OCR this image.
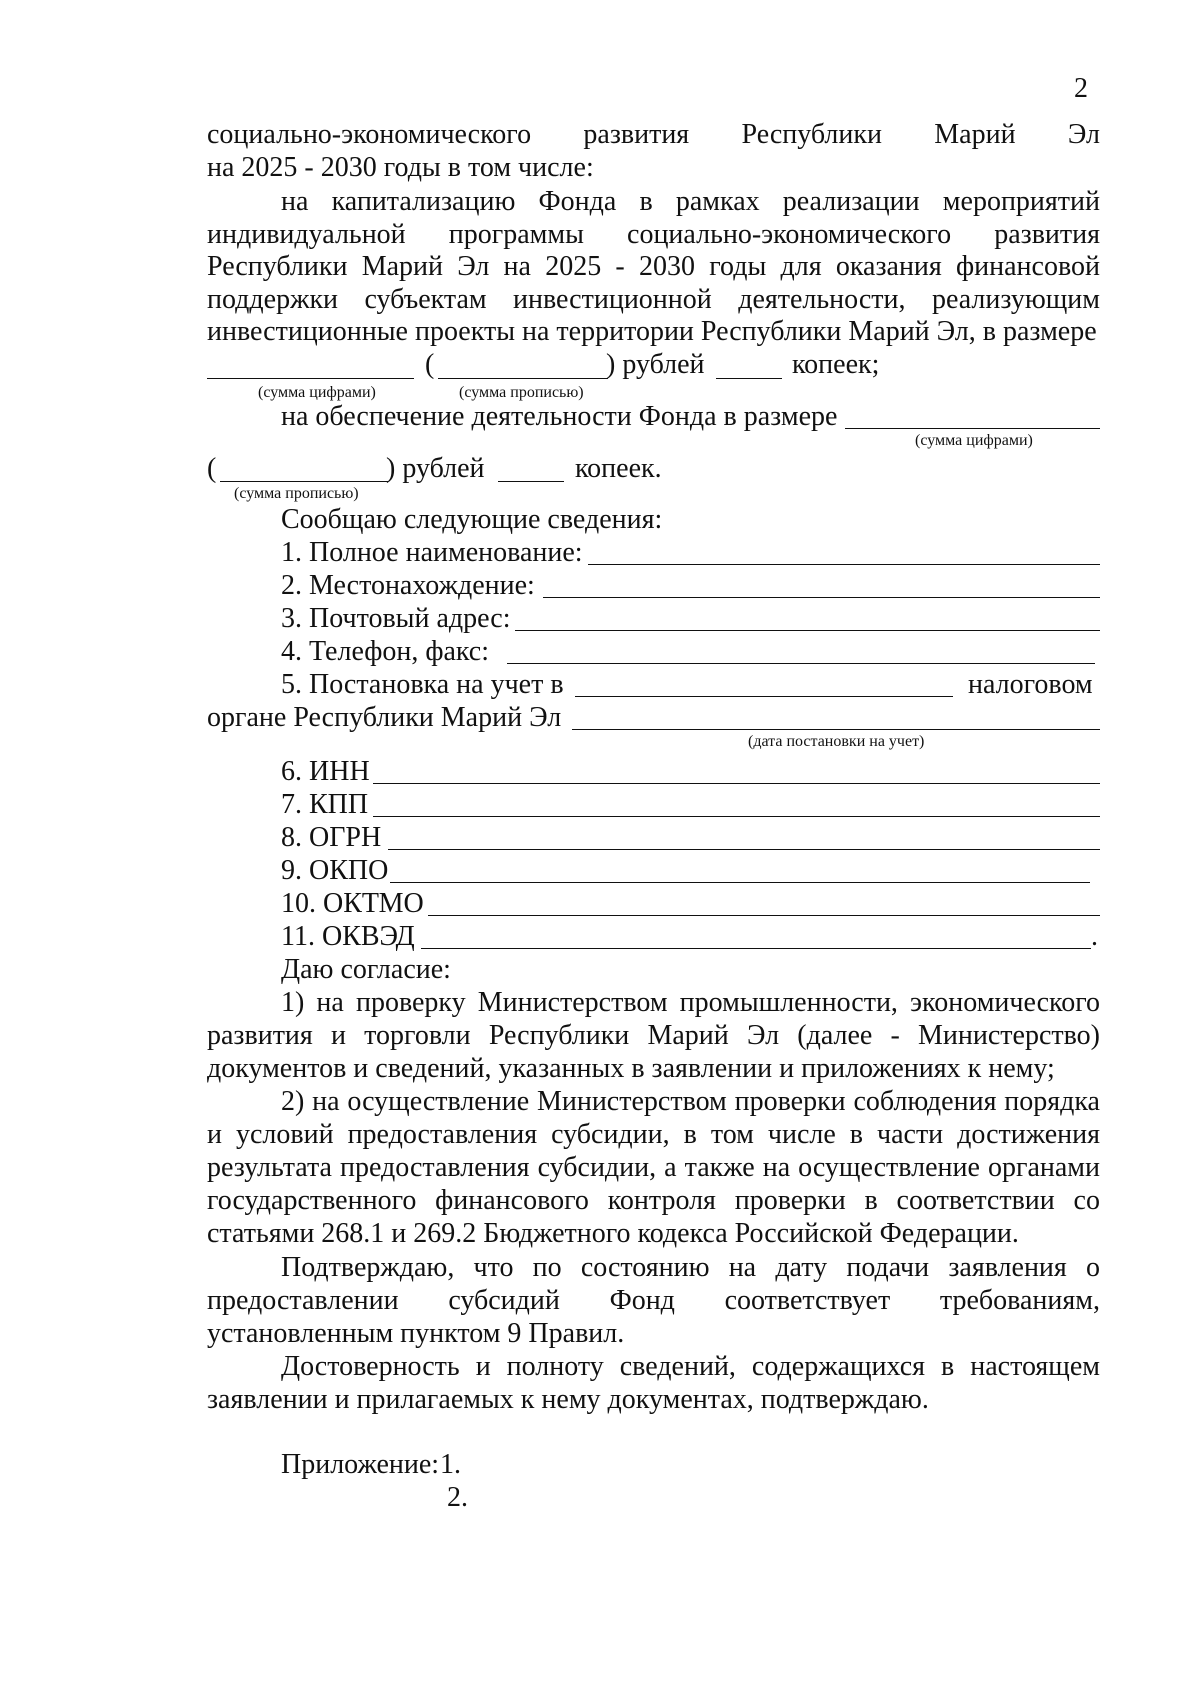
2
социально-экономического развития Республики Марий Эл
на 2025 - 2030 годы в том числе:
на капитализацию Фонда в рамках реализации мероприятий индивидуальной программы социально-экономического развития Республики Марий Эл на 2025 - 2030 годы для оказания финансовой поддержки субъектам инвестиционной деятельности, реализующим инвестиционные проекты на территории Республики Марий Эл, в размере
(	) рублей	копеек;
(сумма цифрами)	(сумма прописью)
на обеспечение деятельности Фонда в размере
(сумма цифрами)
(	) рублей	копеек.
(сумма прописью)
Сообщаю следующие сведения:
1. Полное наименование:
2. Местонахождение:
3. Почтовый адрес:
4. Телефон, факс:
5. Постановка на учет в	налоговом
органе Республики Марий Эл
(дата постановки на учет)
6. ИНН
7. КПП
8. ОГРН
9. ОКПО
10. ОКТМО
11. ОКВЭД	.
Даю согласие:
1) на проверку Министерством промышленности, экономического развития и торговли Республики Марий Эл (далее - Министерство) документов и сведений, указанных в заявлении и приложениях к нему;
2) на осуществление Министерством проверки соблюдения порядка и условий предоставления субсидии, в том числе в части достижения результата предоставления субсидии, а также на осуществление органами государственного финансового контроля проверки в соответствии со статьями 268.1 и 269.2 Бюджетного кодекса Российской Федерации.
Подтверждаю, что по состоянию на дату подачи заявления о предоставлении субсидий Фонд соответствует требованиям, установленным пунктом 9 Правил.
Достоверность и полноту сведений, содержащихся в настоящем заявлении и прилагаемых к нему документах, подтверждаю.
Приложение: 1.
2.
